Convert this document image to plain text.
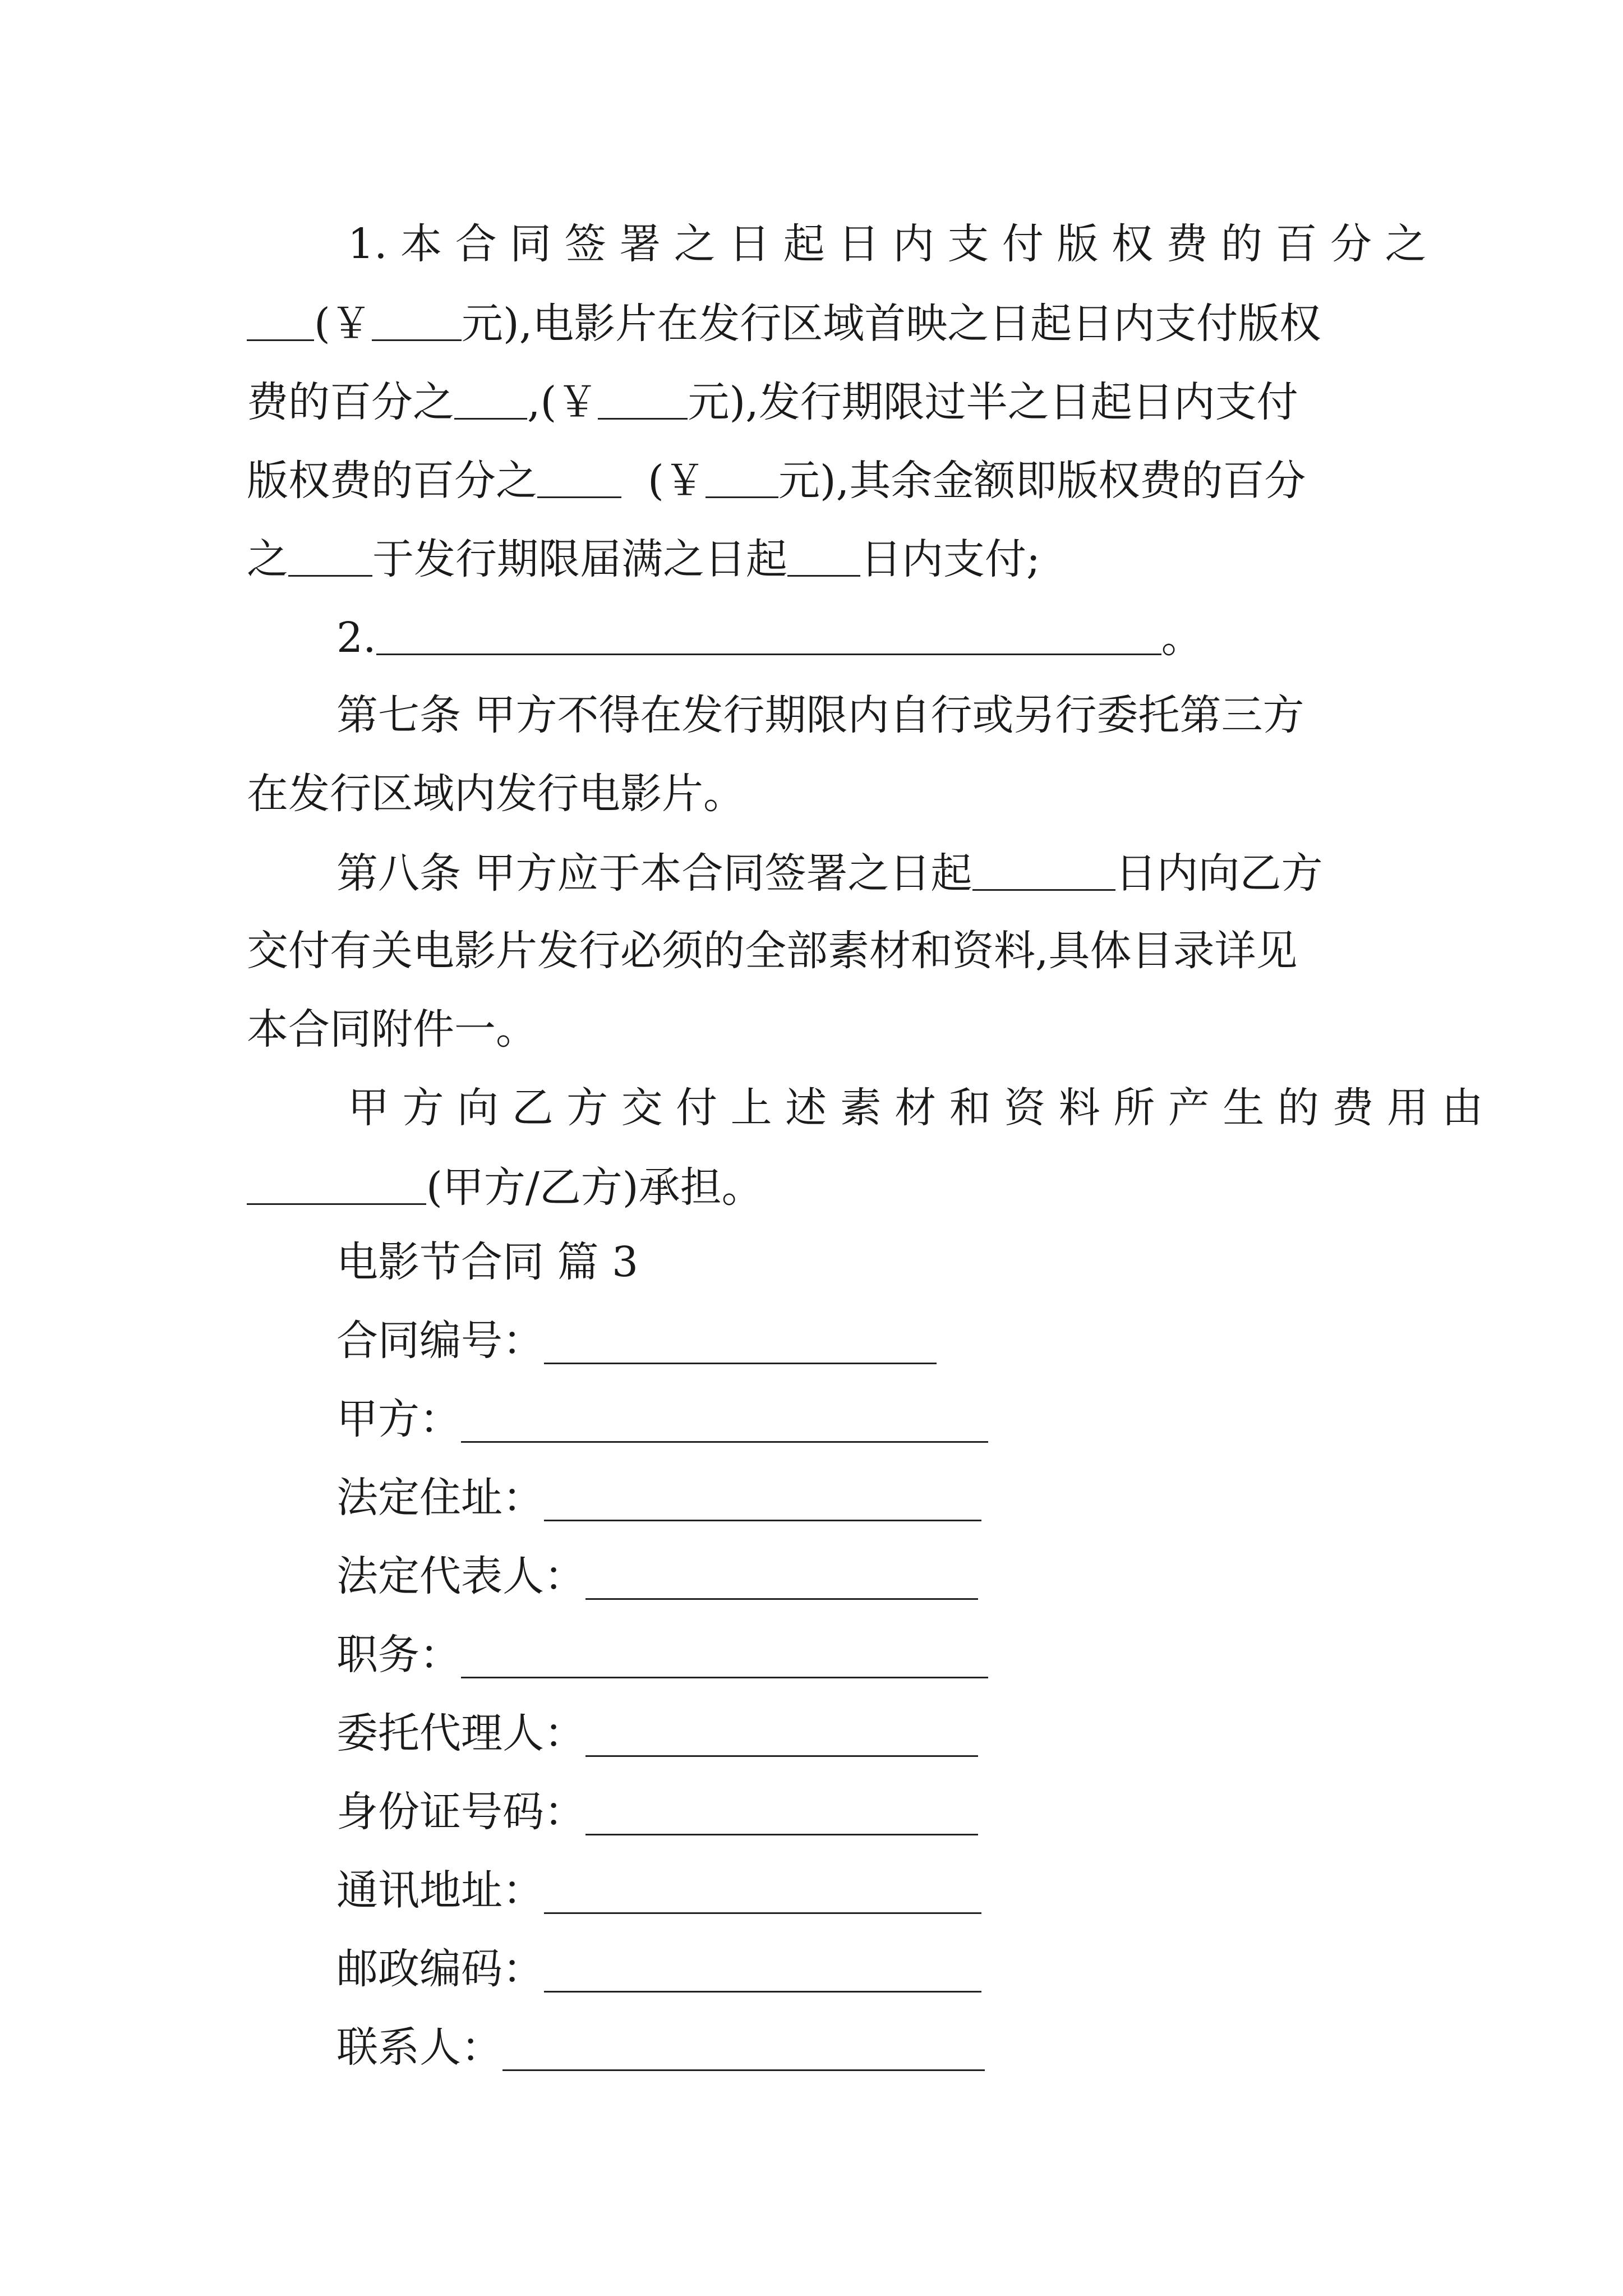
1. 本 合 同 签 署 之 日 起 日 内 支 付 版 权 费 的 百 分 之
(￥ 元),电影片在发行区域首映之日起日内支付版权
费的百分之 ,(￥ 元),发行期限过半之日起日内支付
版权费的百分之	(￥ 元),其余金额即版权费的百分
之 于发行期限届满之日起 日内支付;
2.	。
第七条 甲方不得在发行期限内自行或另行委托第三方
在发行区域内发行电影片。
第八条 甲方应于本合同签署之日起	日内向乙方
交付有关电影片发行必须的全部素材和资料,具体目录详见
本合同附件一。
甲 方 向 乙 方 交 付 上 述 素 材 和 资 料 所 产 生 的 费 用 由
(甲方/乙方)承担。
电影节合同 篇 3
合同编号：
甲方：
法定住址：
法定代表人：
职务：
委托代理人：
身份证号码：
通讯地址：
邮政编码：
联系人：
